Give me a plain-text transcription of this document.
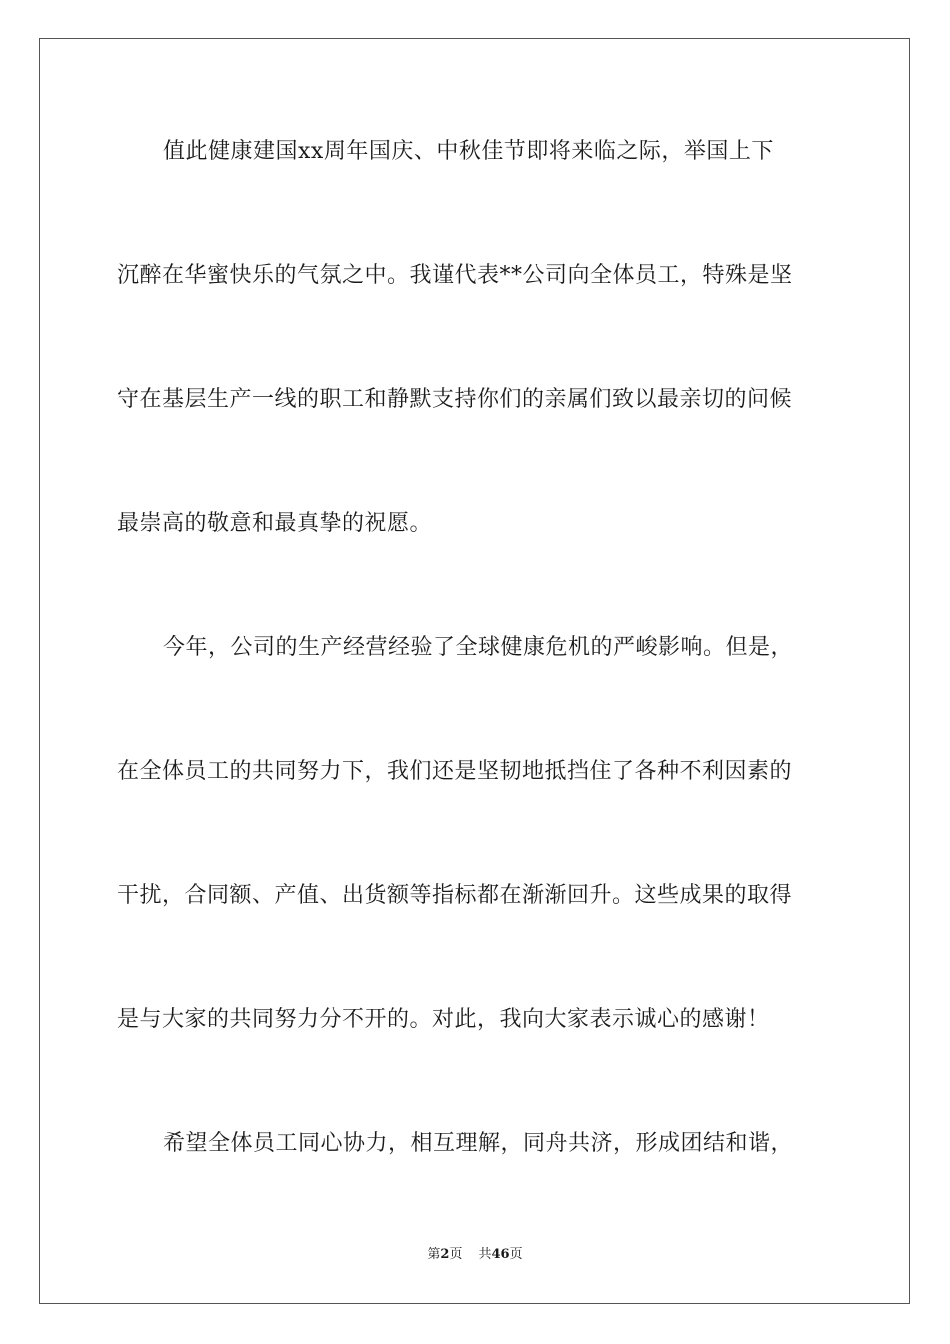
值此健康建国xx周年国庆、中秋佳节即将来临之际，举国上下
沉醉在华蜜快乐的气氛之中。我谨代表**公司向全体员工，特殊是坚
守在基层生产一线的职工和静默支持你们的亲属们致以最亲切的问候
最崇高的敬意和最真挚的祝愿。
今年，公司的生产经营经验了全球健康危机的严峻影响。但是，
在全体员工的共同努力下，我们还是坚韧地抵挡住了各种不利因素的
干扰，合同额、产值、出货额等指标都在渐渐回升。这些成果的取得
是与大家的共同努力分不开的。对此，我向大家表示诚心的感谢！
希望全体员工同心协力，相互理解，同舟共济，形成团结和谐，
第2页 共46页
